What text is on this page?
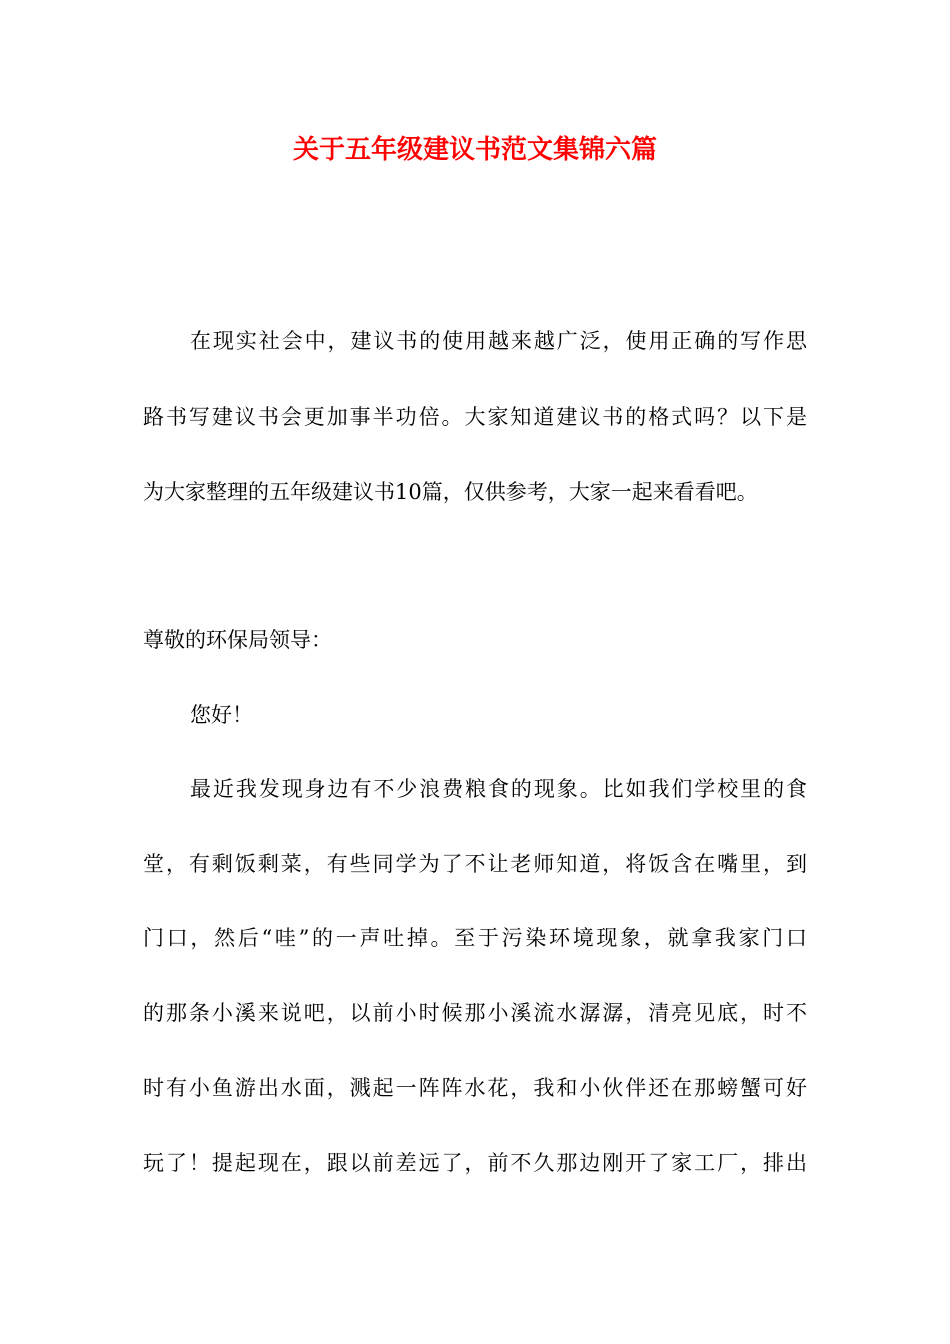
关于五年级建议书范文集锦六篇
在现实社会中，建议书的使用越来越广泛，使用正确的写作思
路书写建议书会更加事半功倍。大家知道建议书的格式吗？以下是
为大家整理的五年级建议书10篇，仅供参考，大家一起来看看吧。
尊敬的环保局领导：
您好！
最近我发现身边有不少浪费粮食的现象。比如我们学校里的食
堂，有剩饭剩菜，有些同学为了不让老师知道，将饭含在嘴里，到
门口，然后“哇”的一声吐掉。至于污染环境现象，就拿我家门口
的那条小溪来说吧，以前小时候那小溪流水潺潺，清亮见底，时不
时有小鱼游出水面，溅起一阵阵水花，我和小伙伴还在那螃蟹可好
玩了！提起现在，跟以前差远了，前不久那边刚开了家工厂，排出
